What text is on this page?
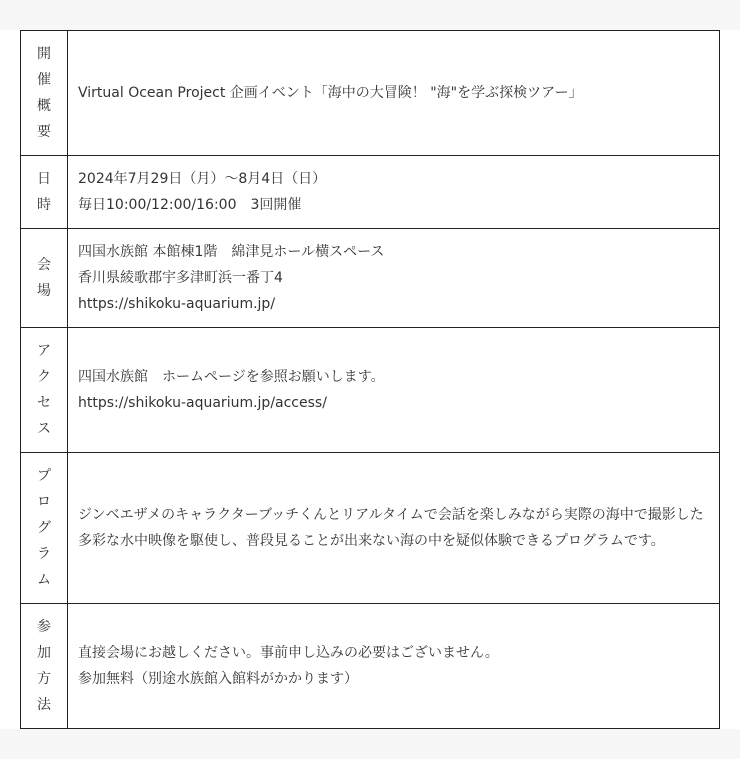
開
催
概
要	Virtual Ocean Project 企画イベント「海中の大冒険！ "海"を学ぶ探検ツアー」

日
時	2024年7月29日（月）〜8月4日（日）
毎日10:00/12:00/16:00　3回開催

会
場	四国水族館 本館棟1階　綿津見ホール横スペース
香川県綾歌郡宇多津町浜一番丁4
https://shikoku-aquarium.jp/

ア
ク
セ
ス	四国水族館　ホームページを参照お願いします。
https://shikoku-aquarium.jp/access/

プ
ロ
グ
ラ
ム	ジンベエザメのキャラクターブッチくんとリアルタイムで会話を楽しみながら実際の海中で撮影した
多彩な水中映像を駆使し、普段見ることが出来ない海の中を疑似体験できるプログラムです。

参
加
方
法	直接会場にお越しください。事前申し込みの必要はございません。
参加無料（別途水族館入館料がかかります）
